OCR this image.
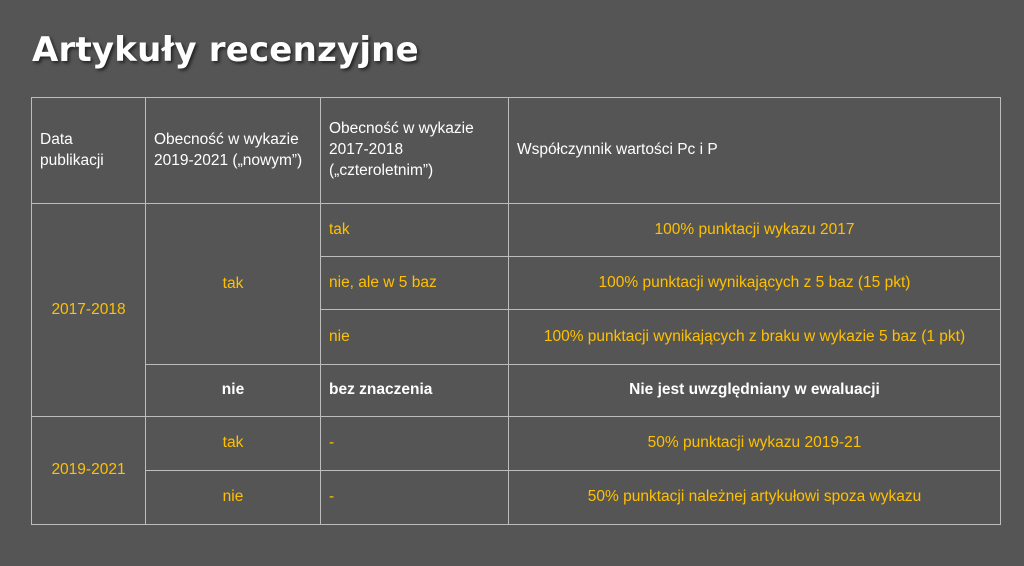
Artykuły recenzyjne
Data publikacji	Obecność w wykazie 2019-2021 („nowym”)	Obecność w wykazie 2017-2018 („czteroletnim”)	Współczynnik wartości Pc i P
2017-2018	tak	tak	100% punktacji wykazu 2017
		nie, ale w 5 baz	100% punktacji wynikających z 5 baz (15 pkt)
		nie	100% punktacji wynikających z braku w wykazie 5 baz (1 pkt)
	nie	bez znaczenia	Nie jest uwzględniany w ewaluacji
2019-2021	tak	-	50% punktacji wykazu 2019-21
	nie	-	50% punktacji należnej artykułowi spoza wykazu
